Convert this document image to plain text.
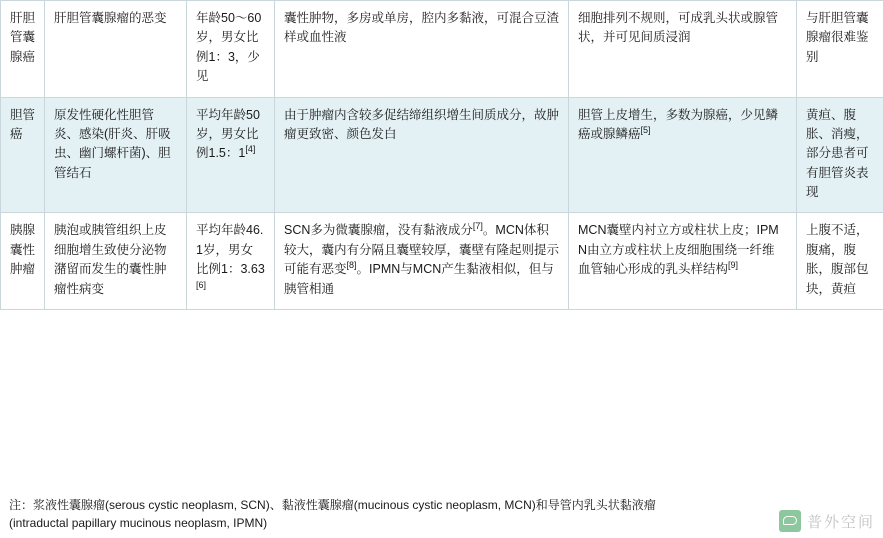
肝胆管囊腺癌	肝胆管囊腺瘤的恶变	年龄50～60岁，男女比例1：3，少见	囊性肿物，多房或单房，腔内多黏液，可混合豆渣样或血性液	细胞排列不规则，可成乳头状或腺管状，并可见间质浸润	与肝胆管囊腺瘤很难鉴别
胆管癌	原发性硬化性胆管炎、感染(肝炎、肝吸虫、幽门螺杆菌)、胆管结石	平均年龄50岁，男女比例1.5：1[4]	由于肿瘤内含较多促结缔组织增生间质成分，故肿瘤更致密、颜色发白	胆管上皮增生，多数为腺癌，少见鳞癌或腺鳞癌[5]	黄疸、腹胀、消瘦，部分患者可有胆管炎表现
胰腺囊性肿瘤	胰泡或胰管组织上皮细胞增生致使分泌物潴留而发生的囊性肿瘤性病变	平均年龄46.1岁，男女比例1：3.63[6]	SCN多为微囊腺瘤，没有黏液成分[7]。MCN体积较大，囊内有分隔且囊壁较厚，囊壁有隆起则提示可能有恶变[8]。IPMN与MCN产生黏液相似，但与胰管相通	MCN囊壁内衬立方或柱状上皮；IPMN由立方或柱状上皮细胞围绕一纤维血管轴心形成的乳头样结构[9]	上腹不适，腹痛，腹胀，腹部包块，黄疸
注：浆液性囊腺瘤(serous cystic neoplasm, SCN)、黏液性囊腺瘤(mucinous cystic neoplasm, MCN)和导管内乳头状黏液瘤(intraductal papillary mucinous neoplasm, IPMN)	普外空间
